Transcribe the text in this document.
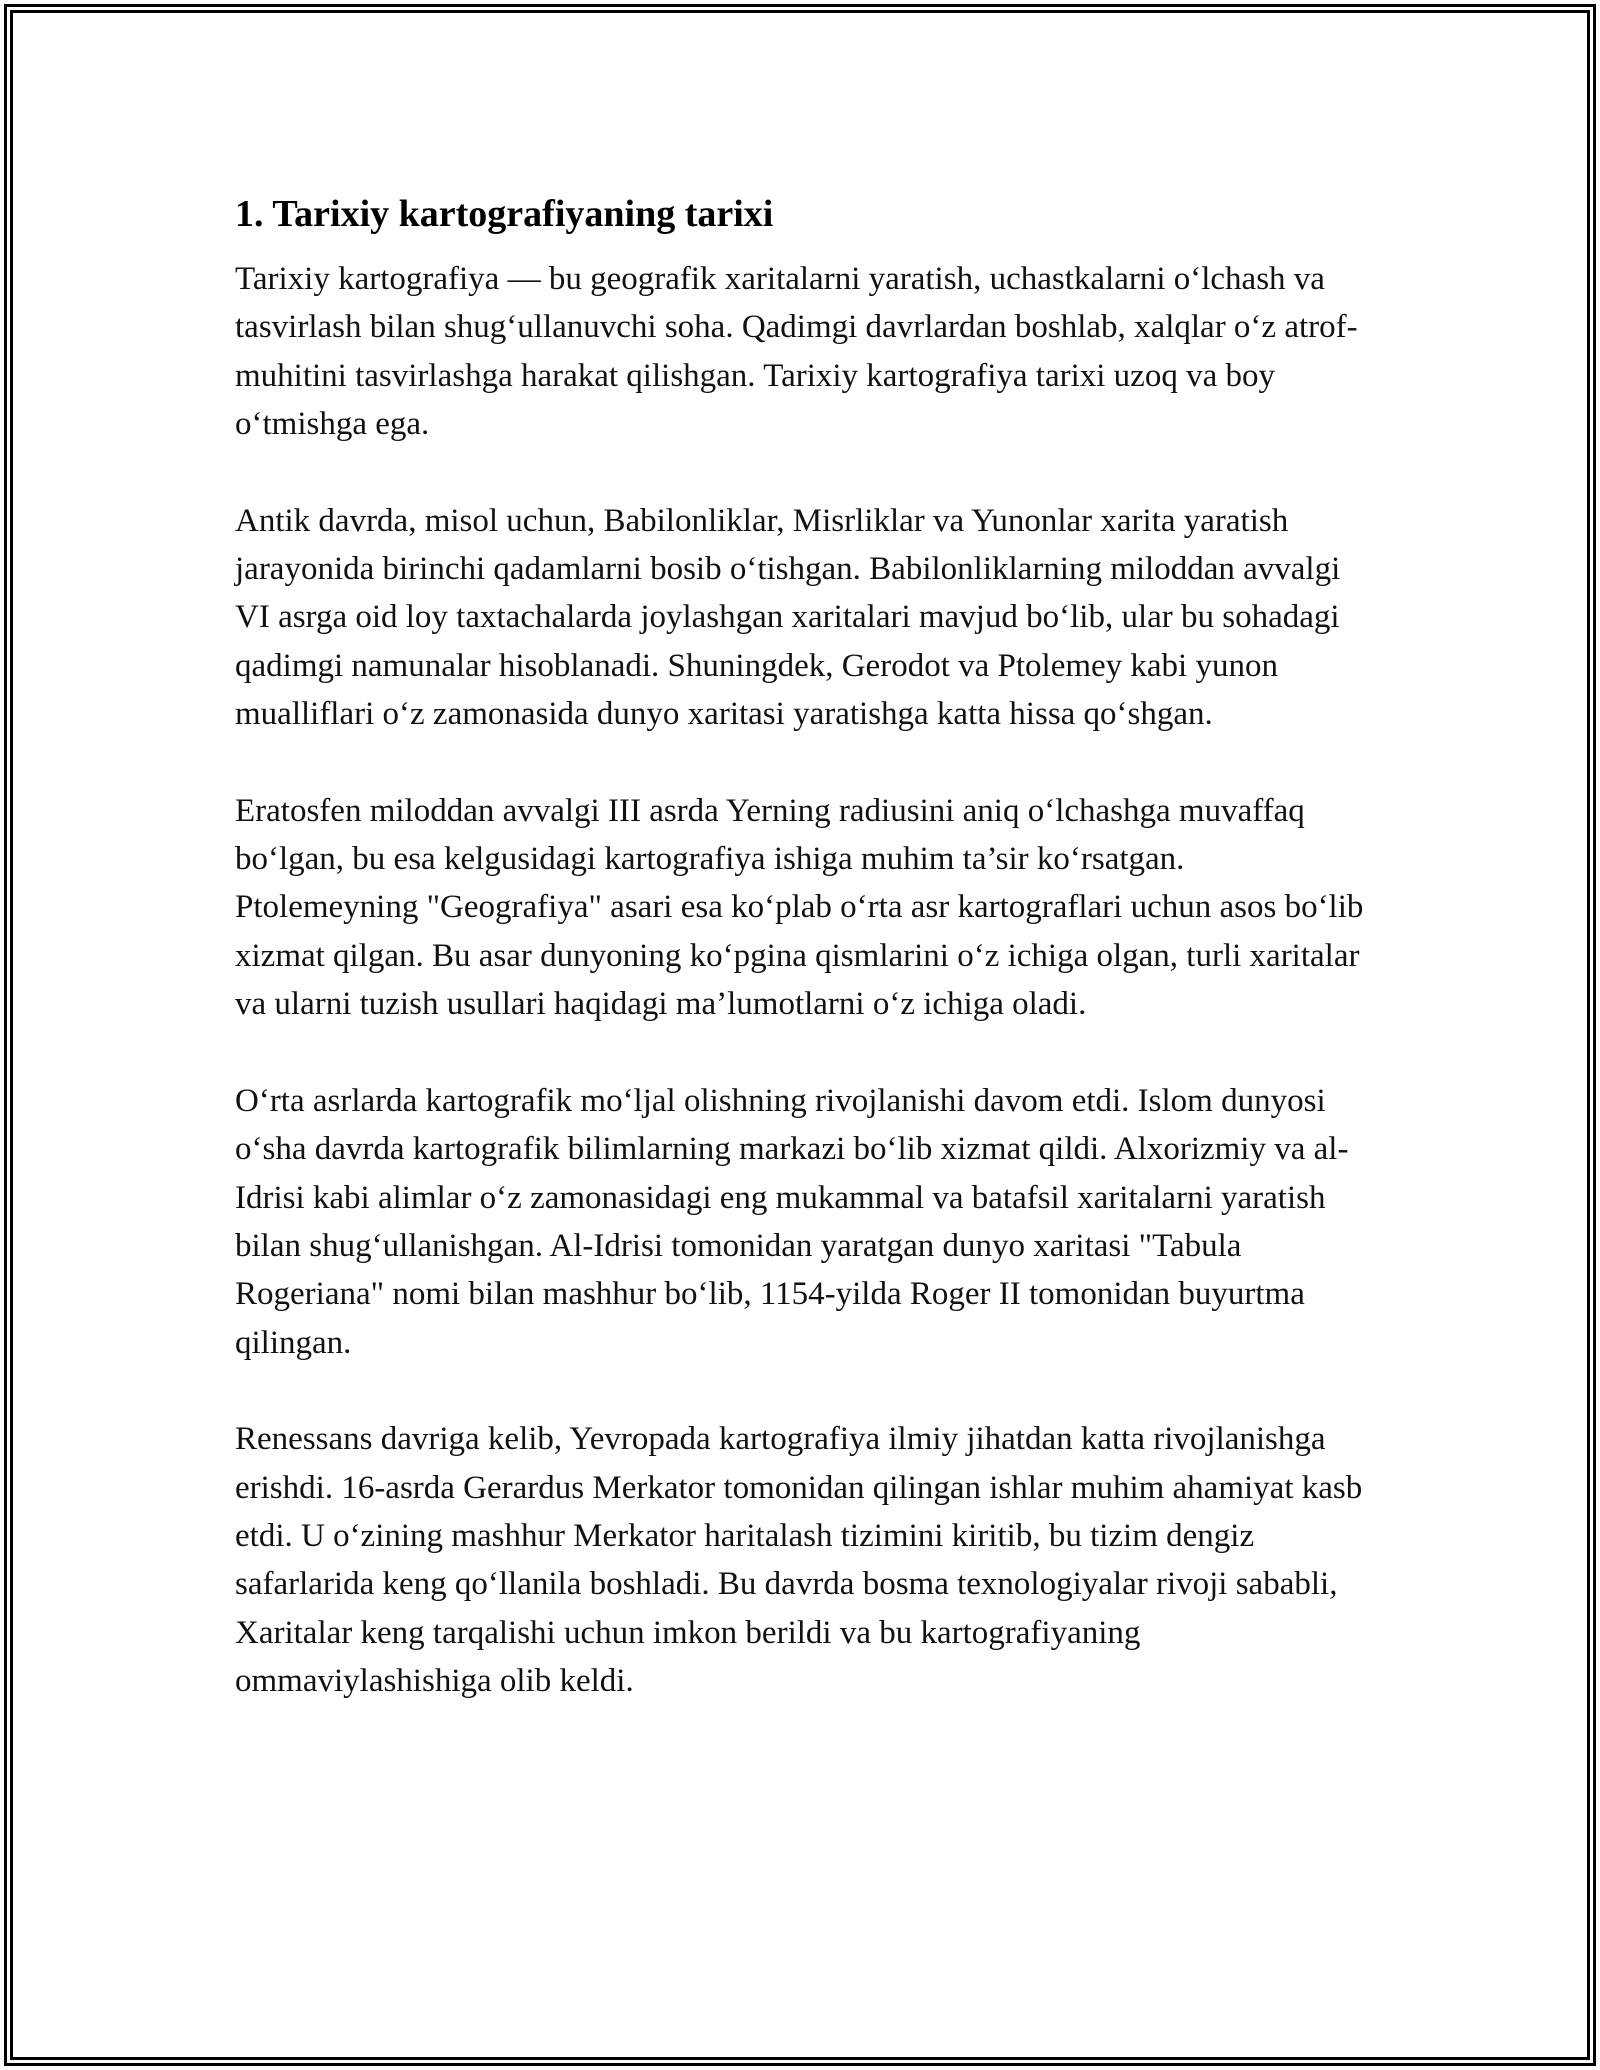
1. Tarixiy kartografiyaning tarixi

Tarixiy kartografiya — bu geografik xaritalarni yaratish, uchastkalarni o‘lchash va tasvirlash bilan shug‘ullanuvchi soha. Qadimgi davrlardan boshlab, xalqlar o‘z atrof-muhitini tasvirlashga harakat qilishgan. Tarixiy kartografiya tarixi uzoq va boy o‘tmishga ega.

Antik davrda, misol uchun, Babilonliklar, Misrliklar va Yunonlar xarita yaratish jarayonida birinchi qadamlarni bosib o‘tishgan. Babilonliklarning miloddan avvalgi VI asrga oid loy taxtachalarda joylashgan xaritalari mavjud bo‘lib, ular bu sohadagi qadimgi namunalar hisoblanadi. Shuningdek, Gerodot va Ptolemey kabi yunon mualliflari o‘z zamonasida dunyo xaritasi yaratishga katta hissa qo‘shgan.

Eratosfen miloddan avvalgi III asrda Yerning radiusini aniq o‘lchashga muvaffaq bo‘lgan, bu esa kelgusidagi kartografiya ishiga muhim ta’sir ko‘rsatgan. Ptolemeyning "Geografiya" asari esa ko‘plab o‘rta asr kartograflari uchun asos bo‘lib xizmat qilgan. Bu asar dunyoning ko‘pgina qismlarini o‘z ichiga olgan, turli xaritalar va ularni tuzish usullari haqidagi ma’lumotlarni o‘z ichiga oladi.

O‘rta asrlarda kartografik mo‘ljal olishning rivojlanishi davom etdi. Islom dunyosi o‘sha davrda kartografik bilimlarning markazi bo‘lib xizmat qildi. Alxorizmiy va al-Idrisi kabi alimlar o‘z zamonasidagi eng mukammal va batafsil xaritalarni yaratish bilan shug‘ullanishgan. Al-Idrisi tomonidan yaratgan dunyo xaritasi "Tabula Rogeriana" nomi bilan mashhur bo‘lib, 1154-yilda Roger II tomonidan buyurtma qilingan.

Renessans davriga kelib, Yevropada kartografiya ilmiy jihatdan katta rivojlanishga erishdi. 16-asrda Gerardus Merkator tomonidan qilingan ishlar muhim ahamiyat kasb etdi. U o‘zining mashhur Merkator haritalash tizimini kiritib, bu tizim dengiz safarlarida keng qo‘llanila boshladi. Bu davrda bosma texnologiyalar rivoji sababli, Xaritalar keng tarqalishi uchun imkon berildi va bu kartografiyaning ommaviylashishiga olib keldi.
